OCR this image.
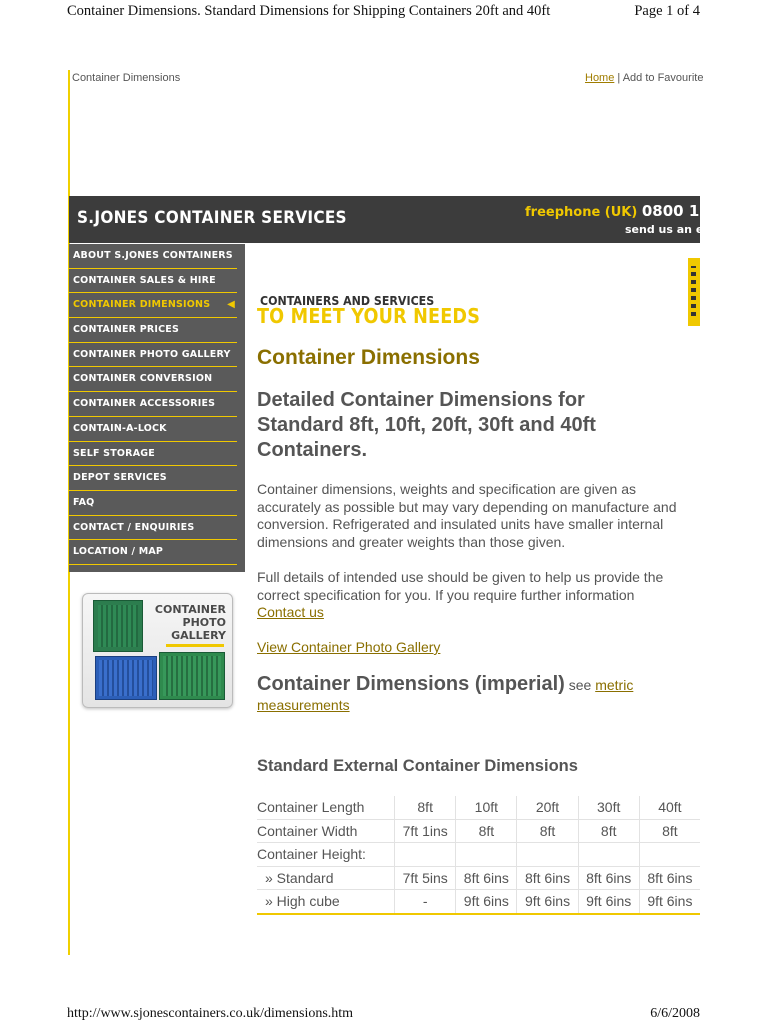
Container Dimensions. Standard Dimensions for Shipping Containers 20ft and 40ft	Page 1 of 4
Container Dimensions	Home | Add to Favourite
S.JONES CONTAINER SERVICES	freephone (UK) 0800 195 4
send us an e
ABOUT S.JONES CONTAINERS
CONTAINER SALES & HIRE
CONTAINER DIMENSIONS ◀
CONTAINER PRICES
CONTAINER PHOTO GALLERY
CONTAINER CONVERSION
CONTAINER ACCESSORIES
CONTAIN-A-LOCK
SELF STORAGE
DEPOT SERVICES
FAQ
CONTACT / ENQUIRIES
LOCATION / MAP
CONTAINER
PHOTO
GALLERY
CONTAINERS AND SERVICES
TO MEET YOUR NEEDS
Container Dimensions
Detailed Container Dimensions for Standard 8ft, 10ft, 20ft, 30ft and 40ft Containers.

Container dimensions, weights and specification are given as accurately as possible but may vary depending on manufacture and conversion. Refrigerated and insulated units have smaller internal dimensions and greater weights than those given.

Full details of intended use should be given to help us provide the correct specification for you. If you require further information
Contact us

View Container Photo Gallery
Container Dimensions (imperial) see metric measurements
Standard External Container Dimensions
Container Length	8ft	10ft	20ft	30ft	40ft
Container Width	7ft 1ins	8ft	8ft	8ft	8ft
Container Height:					
» Standard	7ft 5ins	8ft 6ins	8ft 6ins	8ft 6ins	8ft 6ins
» High cube	-	9ft 6ins	9ft 6ins	9ft 6ins	9ft 6ins
http://www.sjonescontainers.co.uk/dimensions.htm	6/6/2008
